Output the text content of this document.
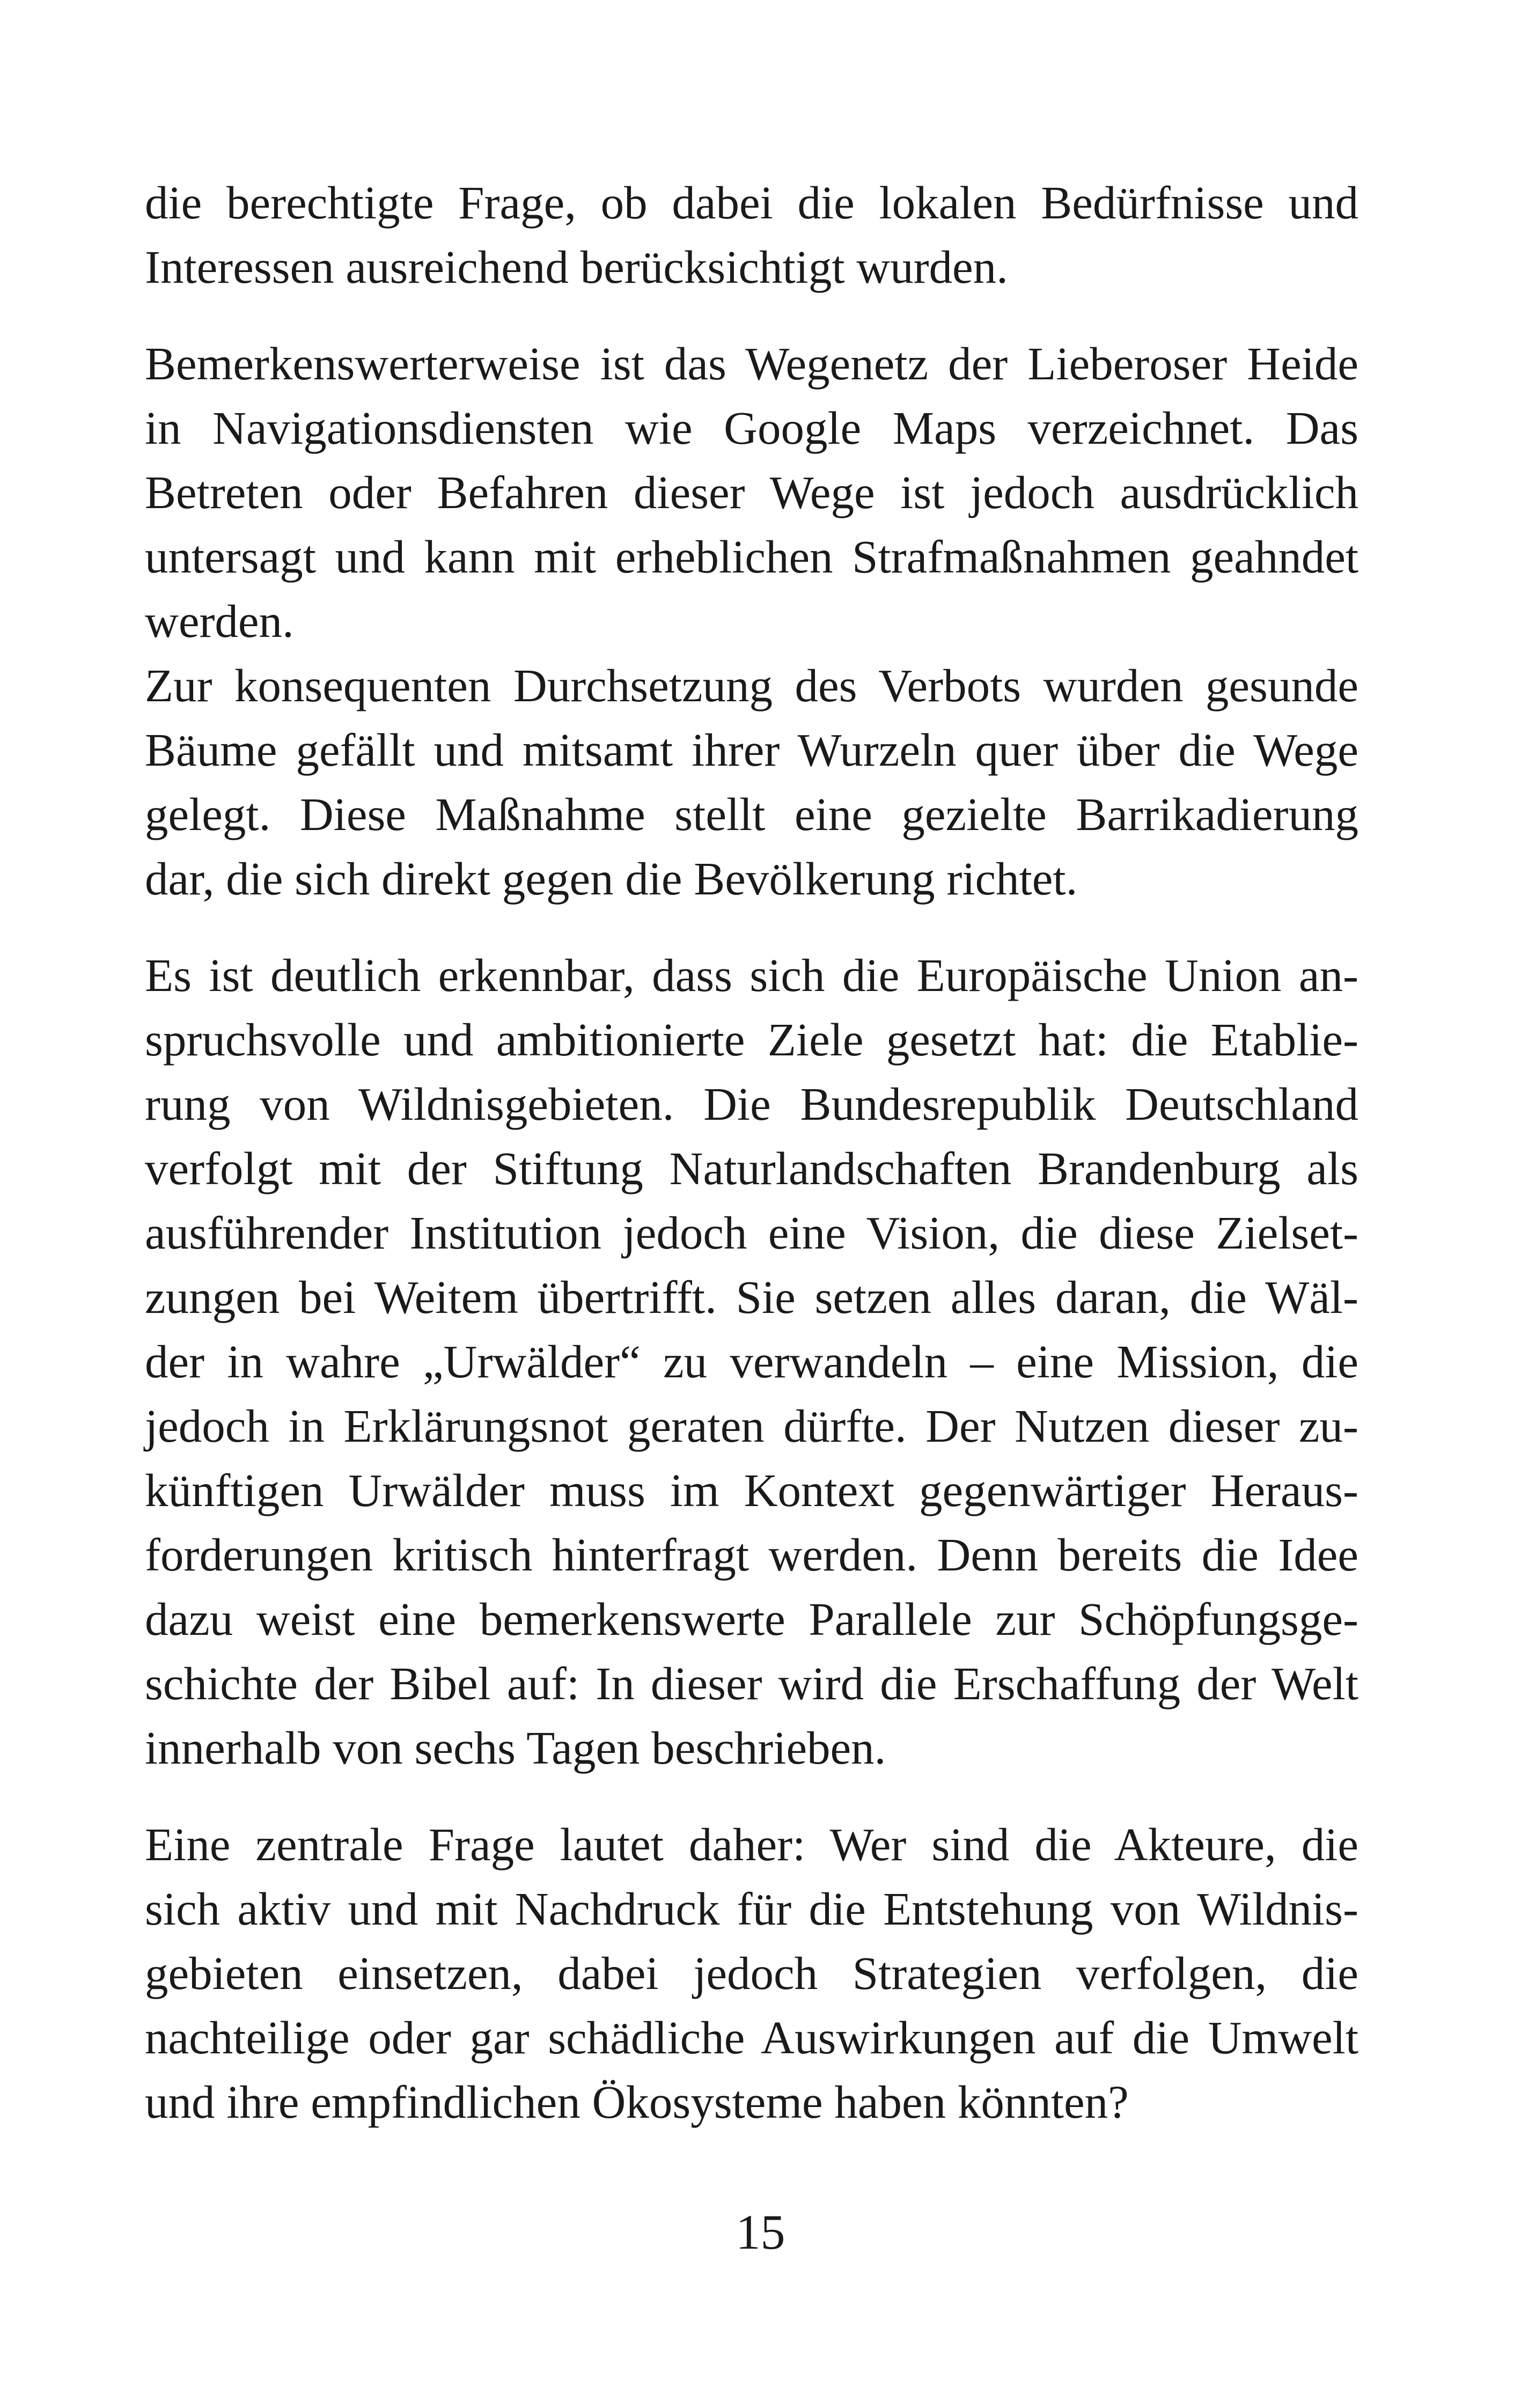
die berechtigte Frage, ob dabei die lokalen Bedürfnisse und
Interessen ausreichend berücksichtigt wurden.
Bemerkenswerterweise ist das Wegenetz der Lieberoser Heide
in Navigationsdiensten wie Google Maps verzeichnet. Das
Betreten oder Befahren dieser Wege ist jedoch ausdrücklich
untersagt und kann mit erheblichen Strafmaßnahmen geahndet
werden.
Zur konsequenten Durchsetzung des Verbots wurden gesunde
Bäume gefällt und mitsamt ihrer Wurzeln quer über die Wege
gelegt. Diese Maßnahme stellt eine gezielte Barrikadierung
dar, die sich direkt gegen die Bevölkerung richtet.
Es ist deutlich erkennbar, dass sich die Europäische Union an-
spruchsvolle und ambitionierte Ziele gesetzt hat: die Etablie-
rung von Wildnisgebieten. Die Bundesrepublik Deutschland
verfolgt mit der Stiftung Naturlandschaften Brandenburg als
ausführender Institution jedoch eine Vision, die diese Zielset-
zungen bei Weitem übertrifft. Sie setzen alles daran, die Wäl-
der in wahre „Urwälder“ zu verwandeln – eine Mission, die
jedoch in Erklärungsnot geraten dürfte. Der Nutzen dieser zu-
künftigen Urwälder muss im Kontext gegenwärtiger Heraus-
forderungen kritisch hinterfragt werden. Denn bereits die Idee
dazu weist eine bemerkenswerte Parallele zur Schöpfungsge-
schichte der Bibel auf: In dieser wird die Erschaffung der Welt
innerhalb von sechs Tagen beschrieben.
Eine zentrale Frage lautet daher: Wer sind die Akteure, die
sich aktiv und mit Nachdruck für die Entstehung von Wildnis-
gebieten einsetzen, dabei jedoch Strategien verfolgen, die
nachteilige oder gar schädliche Auswirkungen auf die Umwelt
und ihre empfindlichen Ökosysteme haben könnten?
15
